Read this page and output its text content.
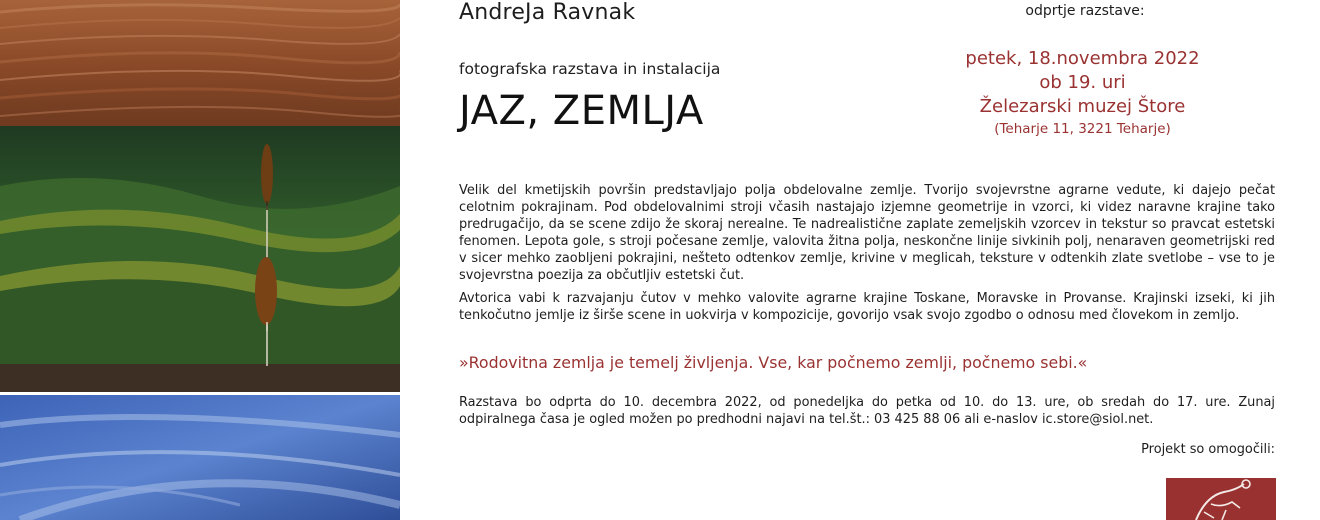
AndreJa Ravnak
fotografska razstava in instalacija
JAZ, ZEMLJA
odprtje razstave:
petek, 18.novembra 2022
ob 19. uri
Železarski muzej Štore
(Teharje 11, 3221 Teharje)
Velik del kmetijskih površin predstavljajo polja obdelovalne zemlje. Tvorijo svojevrstne agrarne vedute, ki dajejo pečat celotnim pokrajinam. Pod obdelovalnimi stroji včasih nastajajo izjemne geometrije in vzorci, ki videz naravne krajine tako predrugačijo, da se scene zdijo že skoraj nerealne. Te nadrealistične zaplate zemeljskih vzorcev in tekstur so pravcat estetski fenomen. Lepota gole, s stroji počesane zemlje, valovita žitna polja, neskončne linije sivkinih polj, nenaraven geometrijski red v sicer mehko zaobljeni pokrajini, nešteto odtenkov zemlje, krivine v meglicah, teksture v odtenkih zlate svetlobe – vse to je svojevrstna poezija za občutljiv estetski čut.
Avtorica vabi k razvajanju čutov v mehko valovite agrarne krajine Toskane, Moravske in Provanse. Krajinski izseki, ki jih tenkočutno jemlje iz širše scene in uokvirja v kompozicije, govorijo vsak svojo zgodbo o odnosu med človekom in zemljo.
»Rodovitna zemlja je temelj življenja. Vse, kar počnemo zemlji, počnemo sebi.«
Razstava bo odprta do 10. decembra 2022, od ponedeljka do petka od 10. do 13. ure, ob sredah do 17. ure. Zunaj odpiralnega časa je ogled možen po predhodni najavi na tel.št.: 03 425 88 06 ali e-naslov ic.store@siol.net.
Projekt so omogočili:
